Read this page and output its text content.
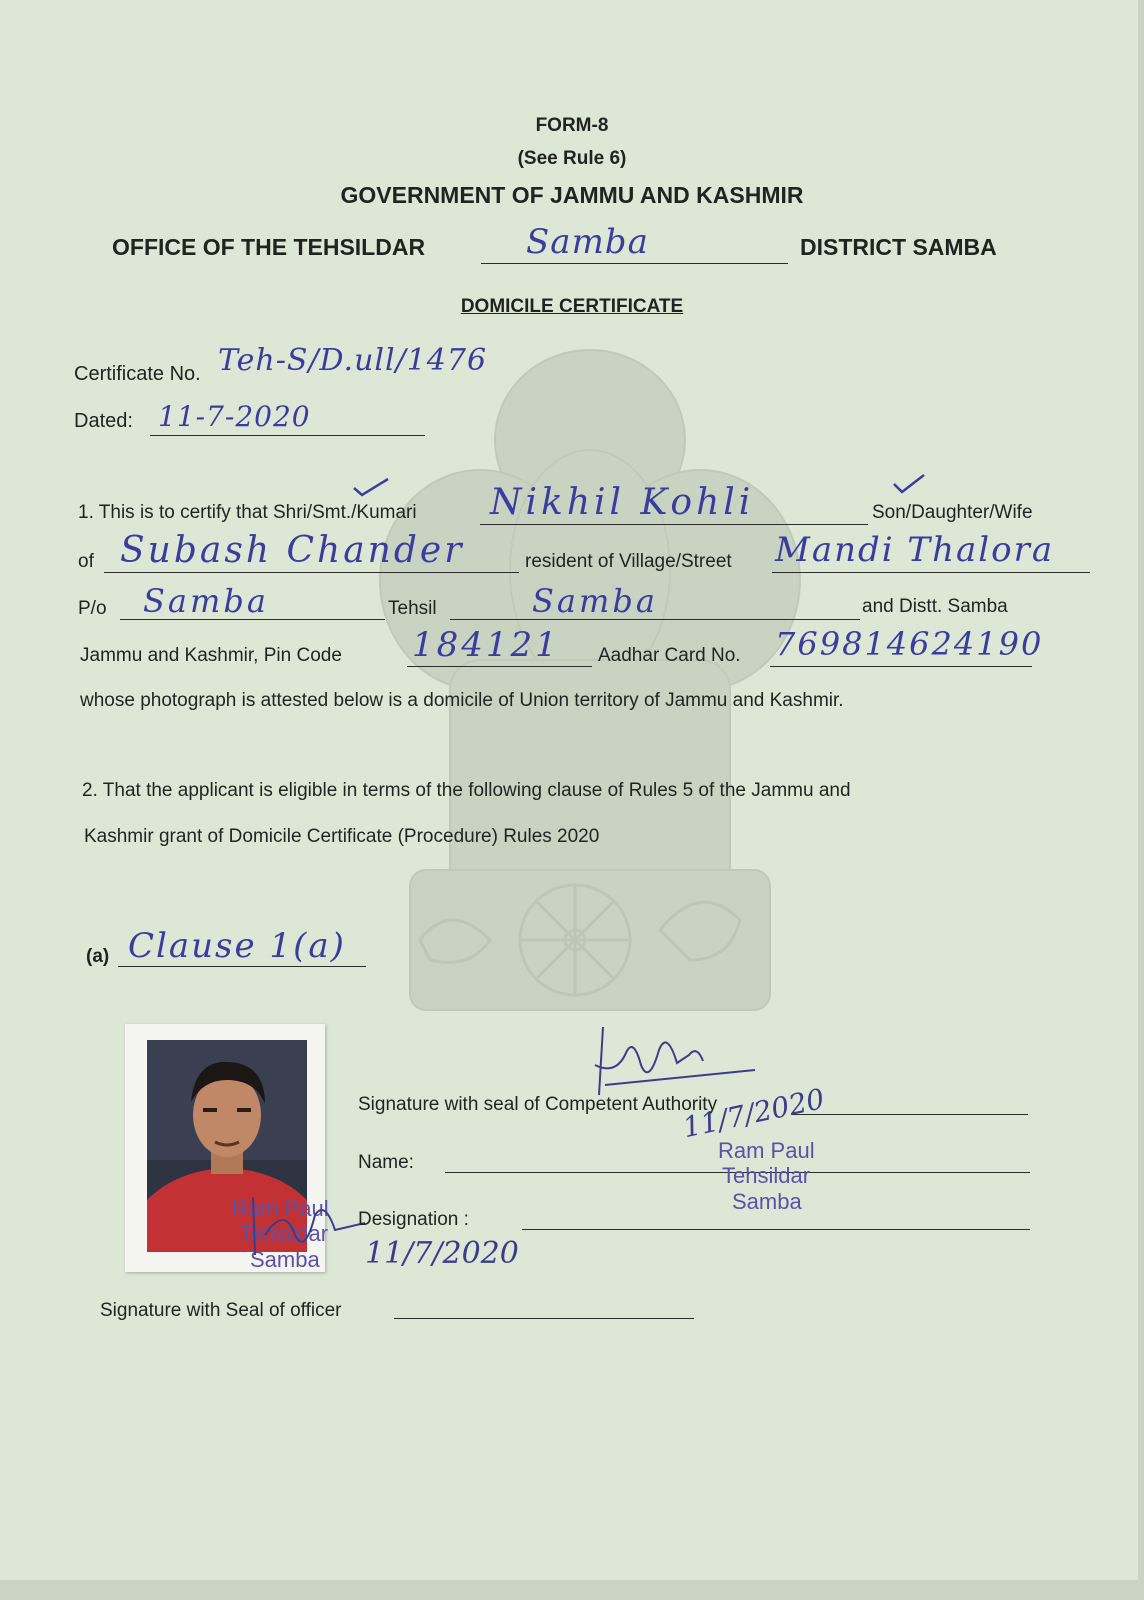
FORM-8
(See Rule 6)
GOVERNMENT OF JAMMU AND KASHMIR
OFFICE OF THE TEHSILDAR	Samba	DISTRICT SAMBA
DOMICILE CERTIFICATE
Certificate No. Teh-S/D.ull/1476
Dated: 11-7-2020
1. This is to certify that Shri/Smt./Kumari Nikhil Kohli	Son/Daughter/Wife
of Subash Chander	resident of Village/Street Mandi Thalora
P/o Samba	Tehsil	Samba	and Distt. Samba
Jammu and Kashmir, Pin Code 184121 Aadhar Card No. 769814624190
whose photograph is attested below is a domicile of Union territory of Jammu and Kashmir.
2. That the applicant is eligible in terms of the following clause of Rules 5 of the Jammu and
Kashmir grant of Domicile Certificate (Procedure) Rules 2020
(a) Clause 1(a)
Ram Paul
Tehsildar
Samba 11/7/2020
Signature with seal of Competent Authority
11/7/2020
Name:	Ram Paul
Tehsildar
Samba
Designation :
Signature with Seal of officer
